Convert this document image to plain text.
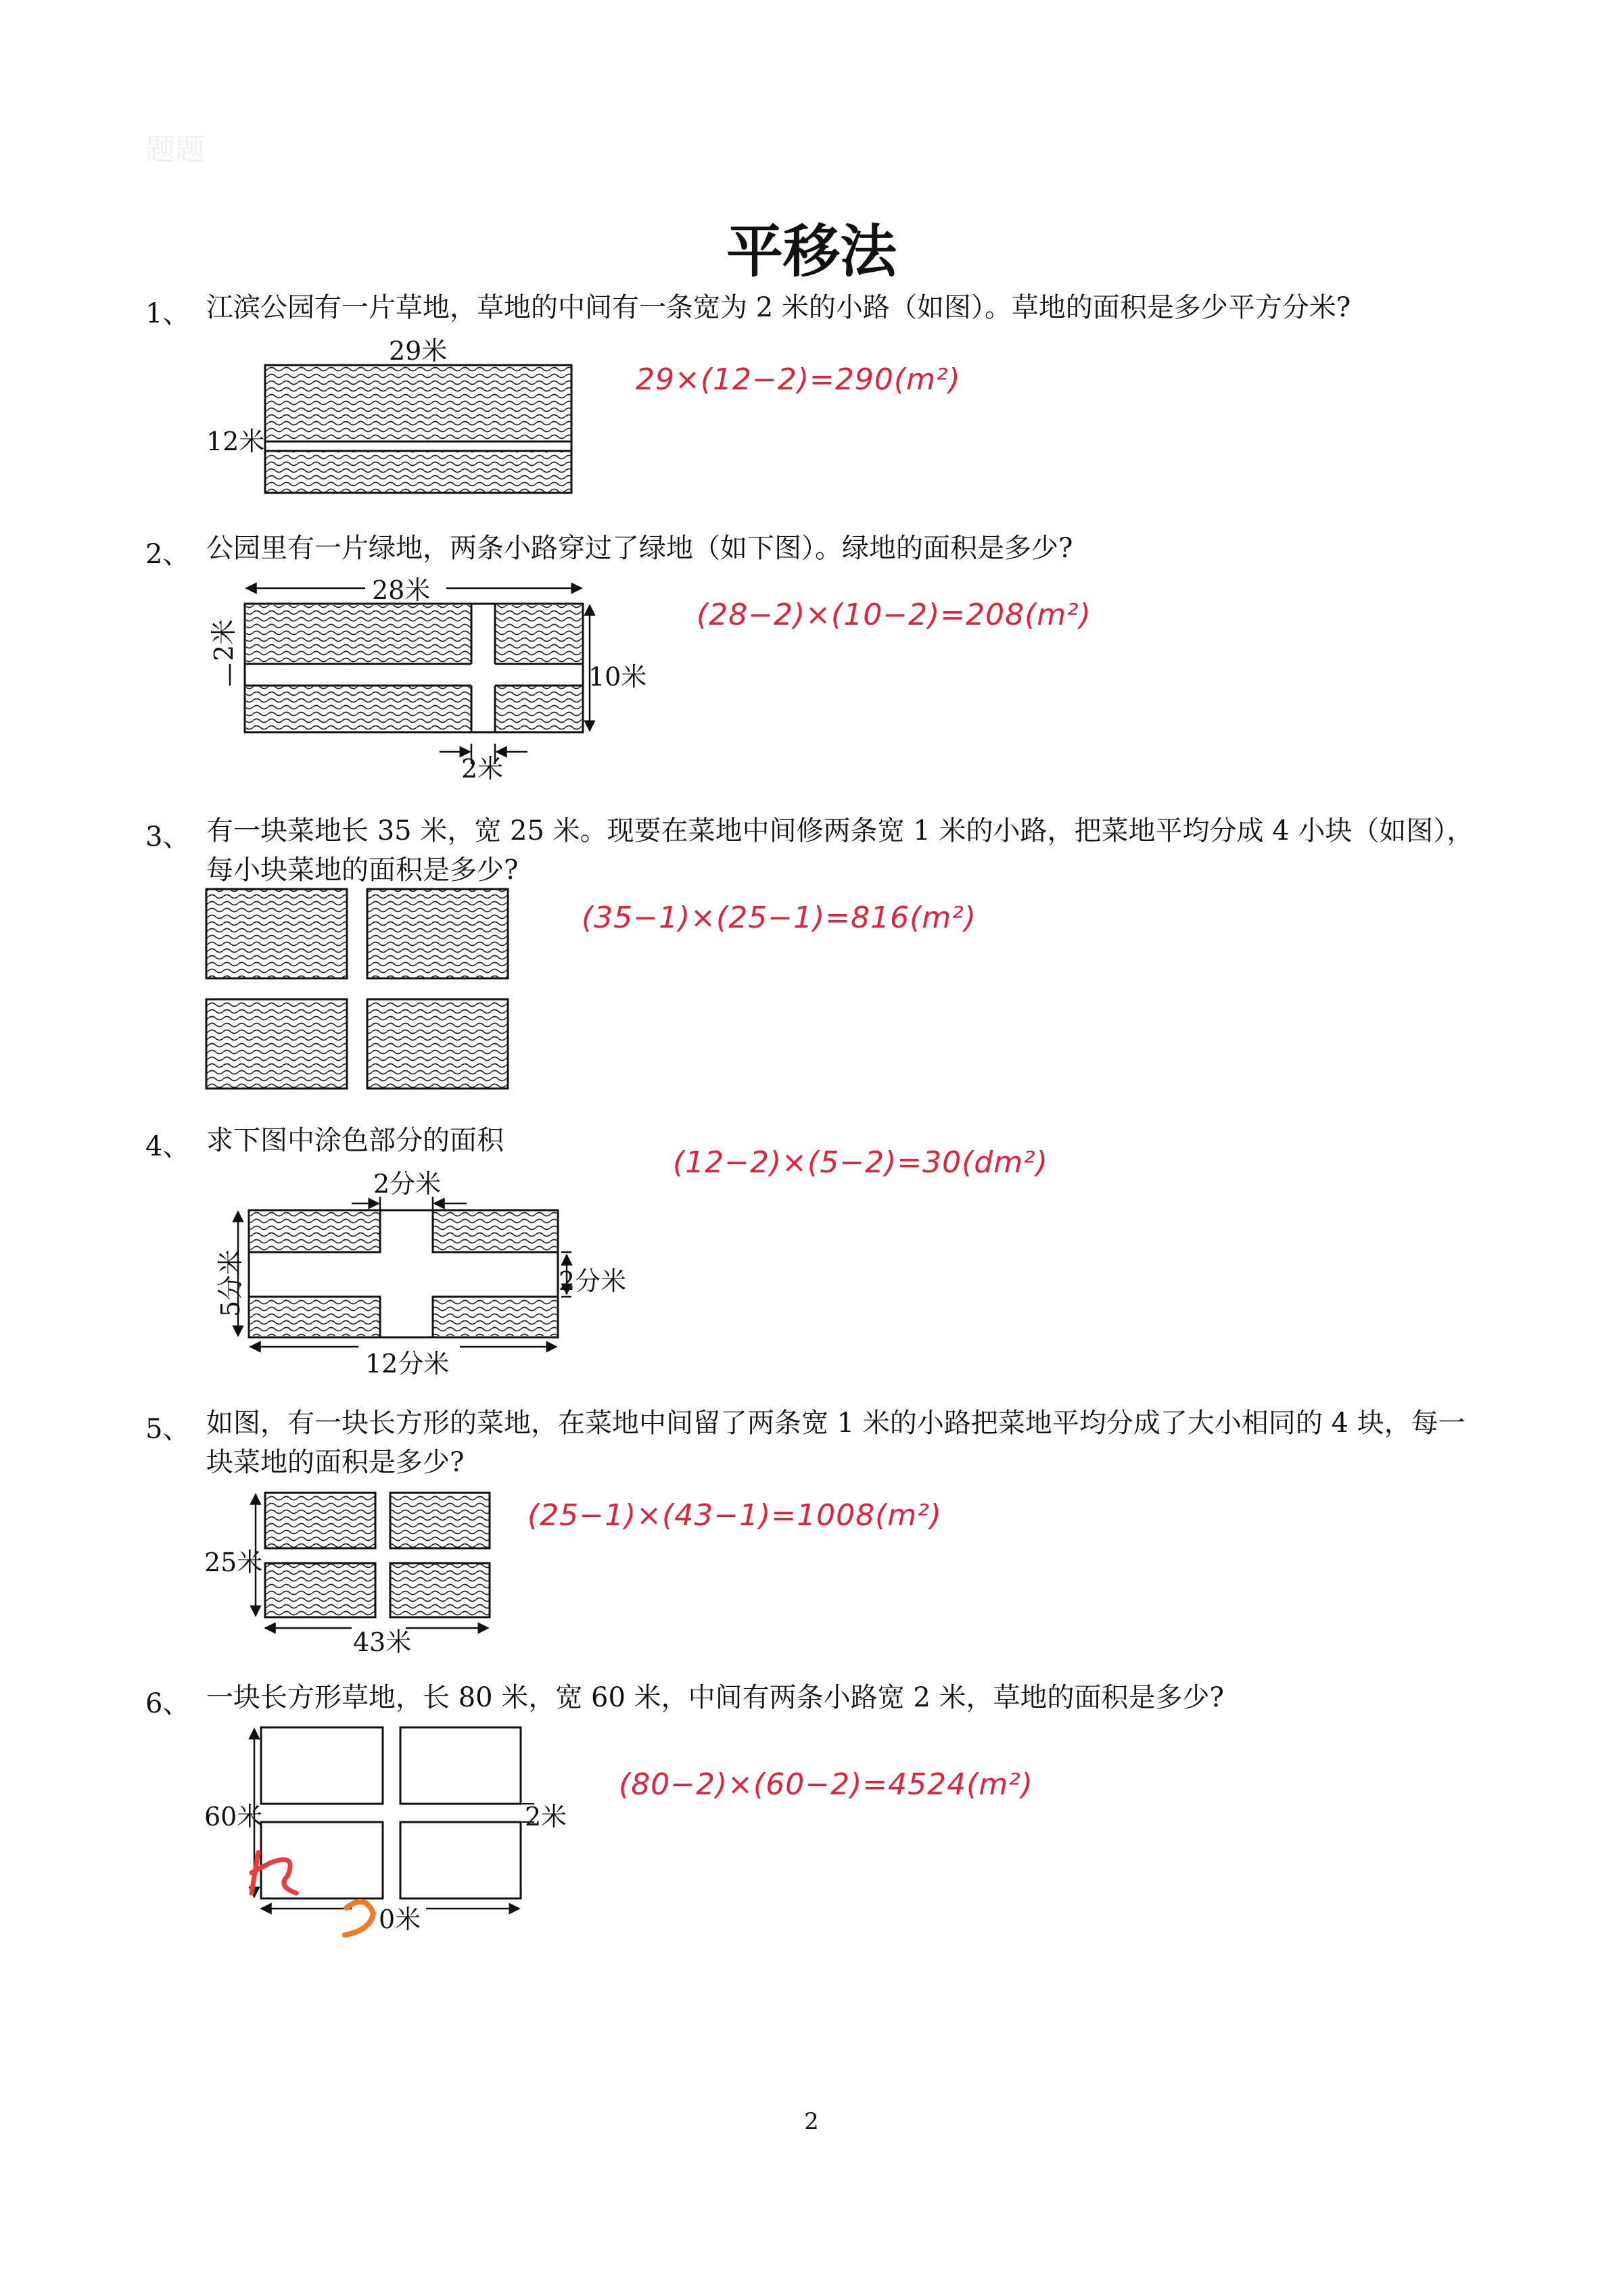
题题
平移法
1、 江滨公园有一片草地，草地的中间有一条宽为 2 米的小路（如图）。草地的面积是多少平方分米?
29米
12米
29×(12−2)=290(m²)
2、 公园里有一片绿地，两条小路穿过了绿地（如下图）。绿地的面积是多少?
28米
10米
2米
2米
(28−2)×(10−2)=208(m²)
3、 有一块菜地长 35 米，宽 25 米。现要在菜地中间修两条宽 1 米的小路，把菜地平均分成 4 小块（如图），每小块菜地的面积是多少?
(35−1)×(25−1)=816(m²)
4、 求下图中涂色部分的面积
2分米
2分米
5分米
12分米
(12−2)×(5−2)=30(dm²)
5、 如图，有一块长方形的菜地，在菜地中间留了两条宽 1 米的小路把菜地平均分成了大小相同的 4 块，每一块菜地的面积是多少?
25米
43米
(25−1)×(43−1)=1008(m²)
6、 一块长方形草地，长 80 米，宽 60 米，中间有两条小路宽 2 米，草地的面积是多少?
60米	2米
0米
(80−2)×(60−2)=4524(m²)
2
